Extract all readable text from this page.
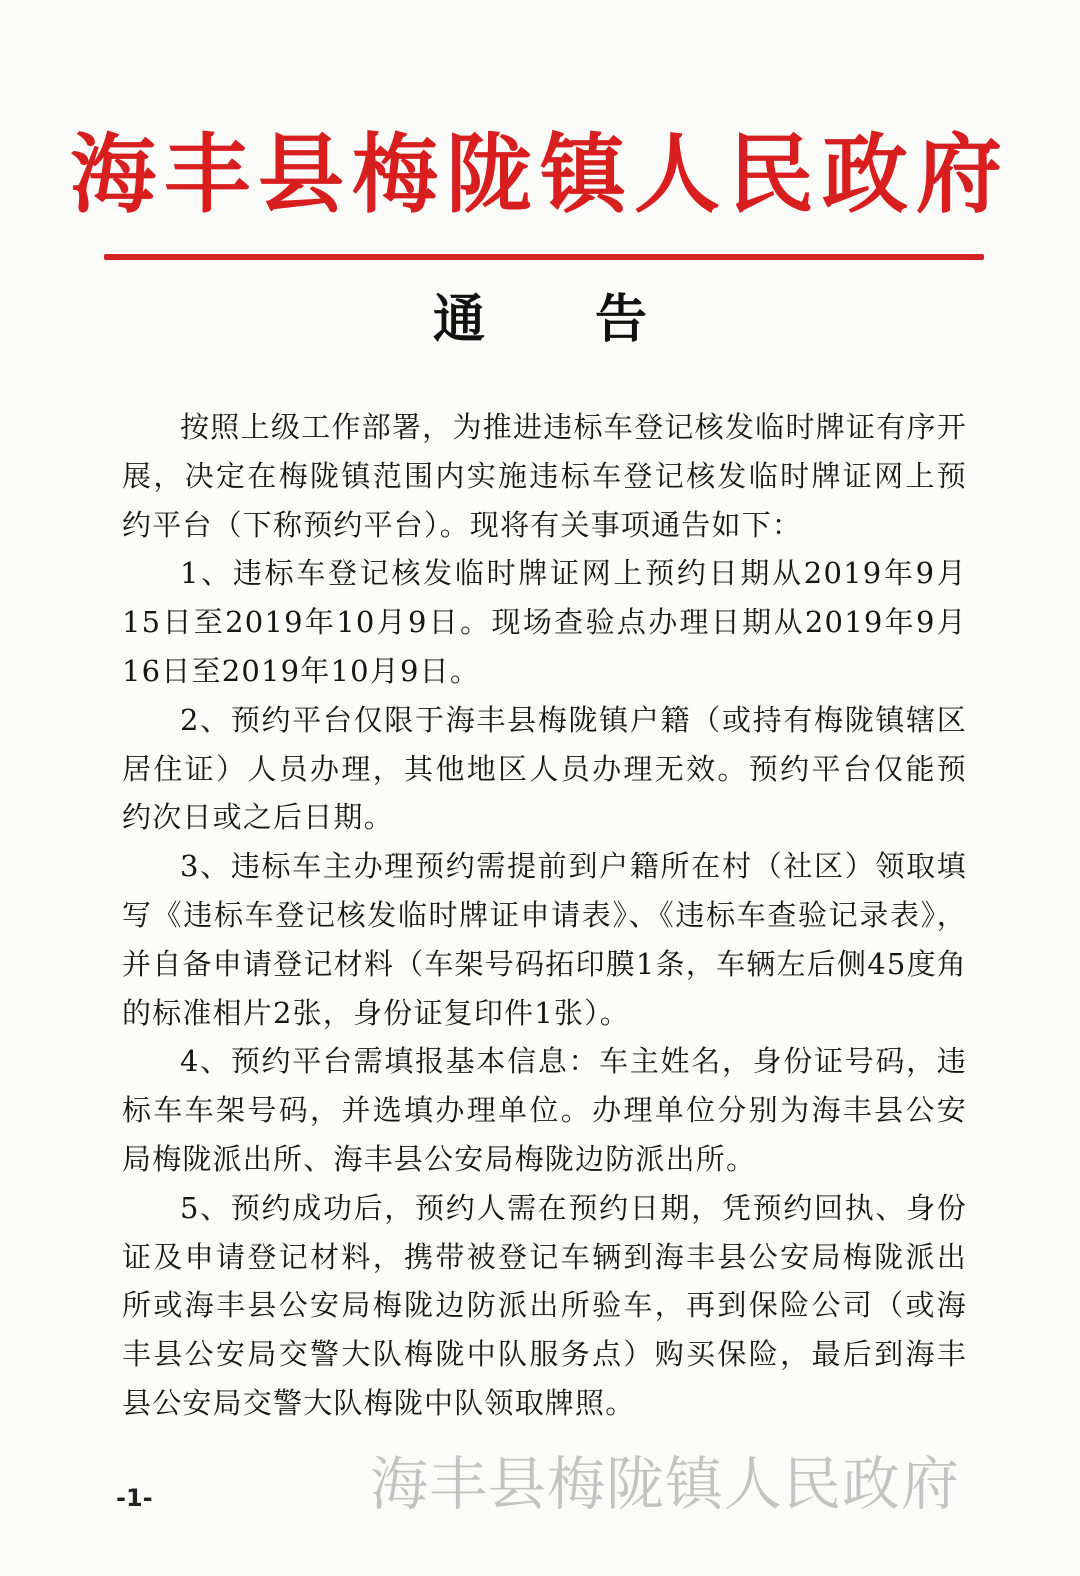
海丰县梅陇镇人民政府
通告

按照上级工作部署，为推进违标车登记核发临时牌证有序开展，决定在梅陇镇范围内实施违标车登记核发临时牌证网上预约平台（下称预约平台）。现将有关事项通告如下：

1、违标车登记核发临时牌证网上预约日期从2019年9月15日至2019年10月9日。现场查验点办理日期从2019年9月16日至2019年10月9日。

2、预约平台仅限于海丰县梅陇镇户籍（或持有梅陇镇辖区居住证）人员办理，其他地区人员办理无效。预约平台仅能预约次日或之后日期。

3、违标车主办理预约需提前到户籍所在村（社区）领取填写《违标车登记核发临时牌证申请表》、《违标车查验记录表》，并自备申请登记材料（车架号码拓印膜1条，车辆左后侧45度角的标准相片2张，身份证复印件1张）。

4、预约平台需填报基本信息：车主姓名，身份证号码，违标车车架号码，并选填办理单位。办理单位分别为海丰县公安局梅陇派出所、海丰县公安局梅陇边防派出所。

5、预约成功后，预约人需在预约日期，凭预约回执、身份证及申请登记材料，携带被登记车辆到海丰县公安局梅陇派出所或海丰县公安局梅陇边防派出所验车，再到保险公司（或海丰县公安局交警大队梅陇中队服务点）购买保险，最后到海丰县公安局交警大队梅陇中队领取牌照。

-1-	海丰县梅陇镇人民政府
